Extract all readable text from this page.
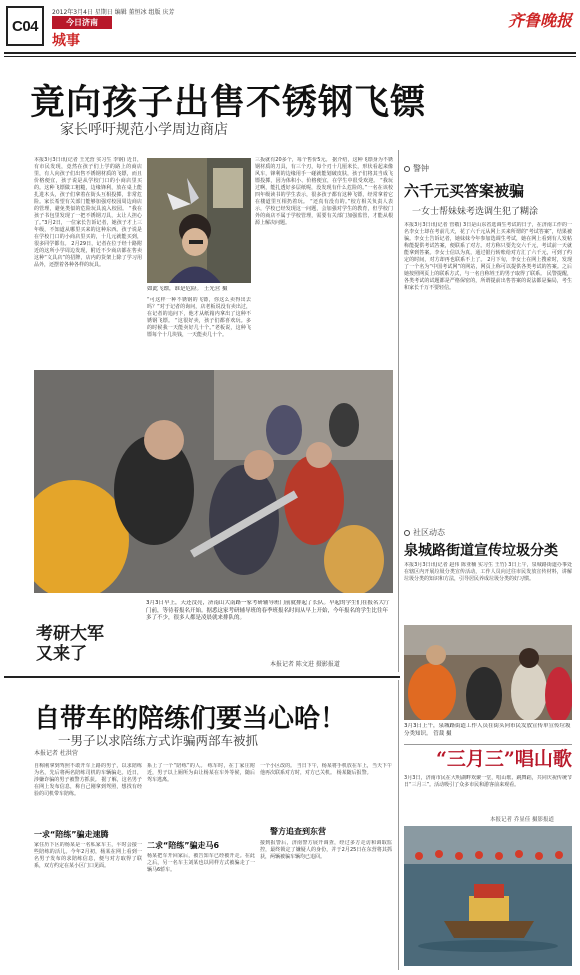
C04
2012年3月4日 星期日 编辑 董恒冰 组版 庆芳
今日济南
城事
齐鲁晚报
竟向孩子出售不锈钢飞镖
家长呼吁规范小学周边商店
本报3月3日讯(记者 王光营 实习生 李钢) 近日，有市民发现，竟然在孩子们上学的路上的商店里，有人向孩子们出售不锈钢材质的飞镖，而且价格便宜，孩子说是从学校门口的小商店里买的。这种飞镖做工粗糙，边缘锋利，放在桌上能扎进木头，孩子们拿着在街头互相投掷，非常危险。家长希望有关部门能够加强对校园周边商店的管理，避免类似的危险玩具流入校园。 “我在孩子书包里发现了一把不锈钢刀具，太让人担心了。”3月2日，一位家长告诉记者，她孩子才上三年级，不知道从哪里买来的这种东西。孩子说是在学校门口的小商店里买的，十几元就能买到，很多同学都有。 2月29日，记者在位于经十路附近的这所小学周边发现，附近不少商店都在售卖这种“文具店”的招牌，店内的货架上除了学习用品外，还摆着各种各样的玩具。
如此飞镖，谁是危险。 王光营 摄
“可这样一种不锈钢的飞镖，你这么卖得出去吗？”对于记者的询问，店老板说没有卖出过，在记者的追问下，他才从纸箱内拿出了这种不锈钢飞镖。 “这很好卖，孩子们都喜欢玩。多的时候我一天能卖好几十个。”老板说，这种飞镖每个十几块钱，一天能卖几十个。
三扳就有20多个，每个售价5元。 据介绍，这种飞镖身为不锈钢材质的刀具，有三个刃，每个刃十几厘米长，形状看起来像风车，锋利的边缘用手一碰就能划破皮肤，孩子们将其当成飞镖投掷，因为体积小、价格便宜，在学生中很受欢迎。 “我玩过啊，能扎透好多层纸呢，没发现有什么危险的。”一名在该校四年级读书的学生表示，很多孩子都有这种飞镖，经常拿着它在楼道里互相扔着玩。 “还真有没有的。”校方相关负责人表示，学校已经发现这一问题，会加强对学生的教育，但学校门外的商店不属于学校管理，需要有关部门加强监管，才能从根源上解决问题。
考研大军
又来了
3月3日早上，天还没亮，济南山大南路一家考研辅导班门前就排起了长队。早起的学生们在报名大厅门前，等待着报名开始。据悉这家考研辅导班的春季班报名时间从早上开始，今年报名的学生比往年多了不少，很多人都是凌晨就来排队的。
本报记者 陈文进 摄影报道
警钟
六千元买答案被骗
一女士帮妹妹考选调生犯了糊涂
本报3月3日讯(记者 管敬) 3日是山东省选调生考试的日子，在济南工作的一名李女士却在考前几天，花了六千元从网上买来所谓的“考试答案”，结果被骗。李女士告诉记者，她妹妹今年参加选调生考试，她在网上看到有人发帖称能提供考试答案，便联系了对方。对方称只要先交六千元，考试前一天就能拿到答案。李女士信以为真，通过银行转账给对方汇了六千元，可到了约定的时间，对方却再也联系不上了。 2月下旬，李女士在网上搜索时，发现了一个名为“中国考试网”的网站，网页上称可以提供各类考试的答案。之后她按照网页上的联系方式，与一名自称姓王的男子取得了联系。 民警提醒，各类考试的试题都是严格保密的，所谓提前出售答案的说法都是骗局，考生和家长千万不要轻信。
社区动态
泉城路街道宣传垃圾分类
本报3月3日讯(记者 赵伟 陈亚楠 实习生 王竹) 3日上午，泉城路街道办事处在辖区内开展垃圾分类宣传活动，工作人员向过往市民发放宣传材料，讲解垃圾分类的知识和方法，引导居民养成垃圾分类的好习惯。
3月3日上午，泉城路街道工作人员在街头向市民发放宣传单宣传垃圾分类知识。 管裁 摄
“三月三”唱山歌
3月3日，济南市民在大明湖畔欢聚一堂，唱山歌、跳舞蹈，共同庆祝传统节日“三月三”。活动吸引了众多市民和游客前来观看。
本报记者 乔显佳 摄影报道
自带车的陪练们要当心哈！
一男子以求陪练方式诈骗两部车被抓
本报记者 杜洪营
自称刚拿到驾照不敢开车上路的男子，以求陪练为名，先后将两名陪练司机的车辆骗走。近日，涉嫌诈骗的男子被警方抓获。 据了解，这名男子在网上发布信息，称自己刚拿到驾照，想找有经验的司机带车陪练。
一求“陪练”骗走速腾
家住历下区的杨某是一名私家车主，平时会接一些陪练的活儿。今年2月初，杨某在网上看到一名男子发布的求陪练信息，便与对方取得了联系，双方约定在某小区门口见面。
系上了一个“陪练”的人。 练车时，在丁家庄附近，男子以上厕所为由让杨某在车外等候，随后驾车逃离。
二求“陪练”骗走马6
杨某把车开回家后，被告知车已经被开走。在此之后，另一名车主刘某也以同样方式被骗走了一辆马6轿车。
一个小区改的。 当日下午，杨某将手机放在车上，当天下午他再次联系对方时，对方已关机。 杨某随后报警。
警方追查到东营
接到报警后，济南警方展开调查，经过多方走访和调取监控，最终锁定了嫌疑人的身份，并于2月25日在东营将其抓获，两辆被骗车辆均已追回。
